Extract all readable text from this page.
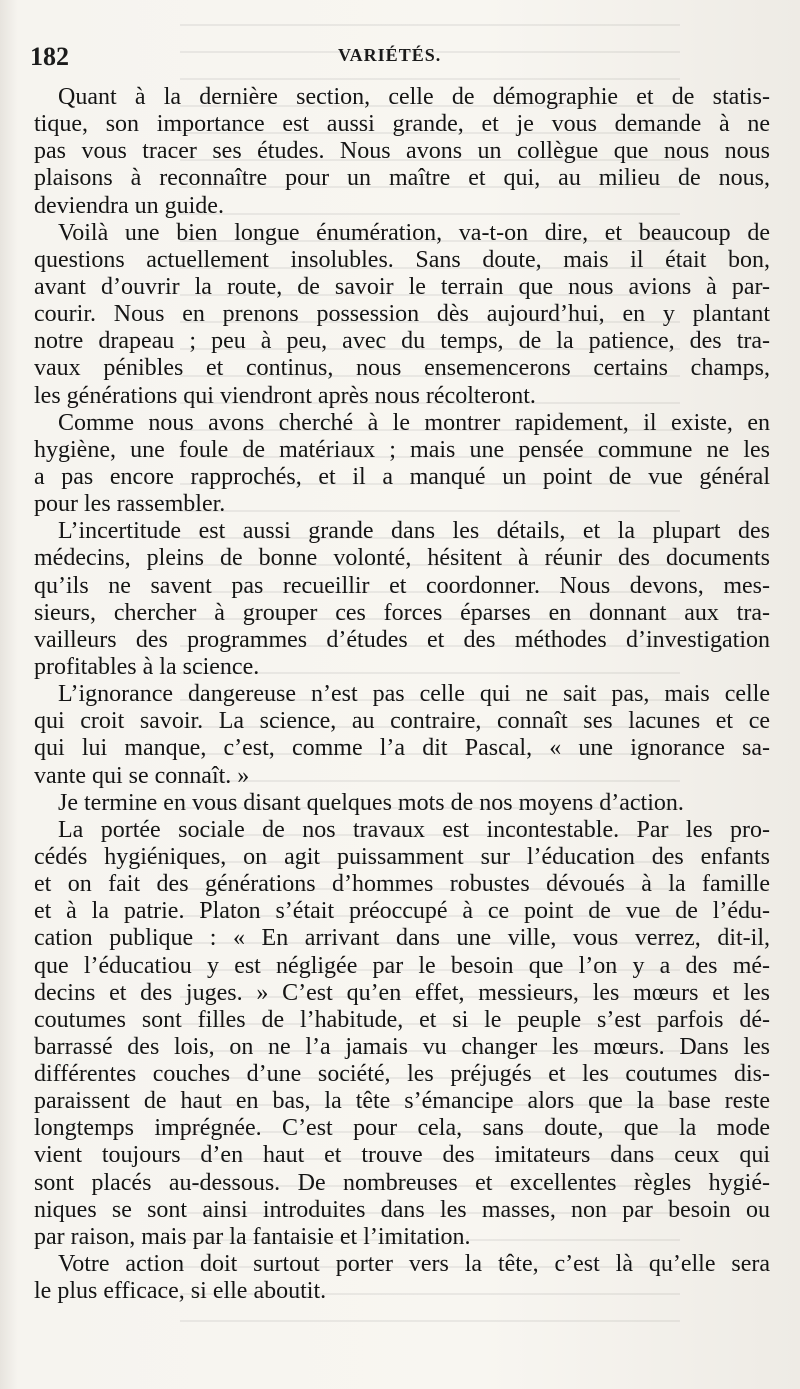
182	VARIÉTÉS.
Quant à la dernière section, celle de démographie et de statis-
tique, son importance est aussi grande, et je vous demande à ne
pas vous tracer ses études. Nous avons un collègue que nous nous
plaisons à reconnaître pour un maître et qui, au milieu de nous,
deviendra un guide.
Voilà une bien longue énumération, va-t-on dire, et beaucoup de
questions actuellement insolubles. Sans doute, mais il était bon,
avant d’ouvrir la route, de savoir le terrain que nous avions à par-
courir. Nous en prenons possession dès aujourd’hui, en y plantant
notre drapeau ; peu à peu, avec du temps, de la patience, des tra-
vaux pénibles et continus, nous ensemencerons certains champs,
les générations qui viendront après nous récolteront.
Comme nous avons cherché à le montrer rapidement, il existe, en
hygiène, une foule de matériaux ; mais une pensée commune ne les
a pas encore rapprochés, et il a manqué un point de vue général
pour les rassembler.
L’incertitude est aussi grande dans les détails, et la plupart des
médecins, pleins de bonne volonté, hésitent à réunir des documents
qu’ils ne savent pas recueillir et coordonner. Nous devons, mes-
sieurs, chercher à grouper ces forces éparses en donnant aux tra-
vailleurs des programmes d’études et des méthodes d’investigation
profitables à la science.
L’ignorance dangereuse n’est pas celle qui ne sait pas, mais celle
qui croit savoir. La science, au contraire, connaît ses lacunes et ce
qui lui manque, c’est, comme l’a dit Pascal, « une ignorance sa-
vante qui se connaît. »
Je termine en vous disant quelques mots de nos moyens d’action.
La portée sociale de nos travaux est incontestable. Par les pro-
cédés hygiéniques, on agit puissamment sur l’éducation des enfants
et on fait des générations d’hommes robustes dévoués à la famille
et à la patrie. Platon s’était préoccupé à ce point de vue de l’édu-
cation publique : « En arrivant dans une ville, vous verrez, dit-il,
que l’éducatiou y est négligée par le besoin que l’on y a des mé-
decins et des juges. » C’est qu’en effet, messieurs, les mœurs et les
coutumes sont filles de l’habitude, et si le peuple s’est parfois dé-
barrassé des lois, on ne l’a jamais vu changer les mœurs. Dans les
différentes couches d’une société, les préjugés et les coutumes dis-
paraissent de haut en bas, la tête s’émancipe alors que la base reste
longtemps imprégnée. C’est pour cela, sans doute, que la mode
vient toujours d’en haut et trouve des imitateurs dans ceux qui
sont placés au-dessous. De nombreuses et excellentes règles hygié-
niques se sont ainsi introduites dans les masses, non par besoin ou
par raison, mais par la fantaisie et l’imitation.
Votre action doit surtout porter vers la tête, c’est là qu’elle sera
le plus efficace, si elle aboutit.
